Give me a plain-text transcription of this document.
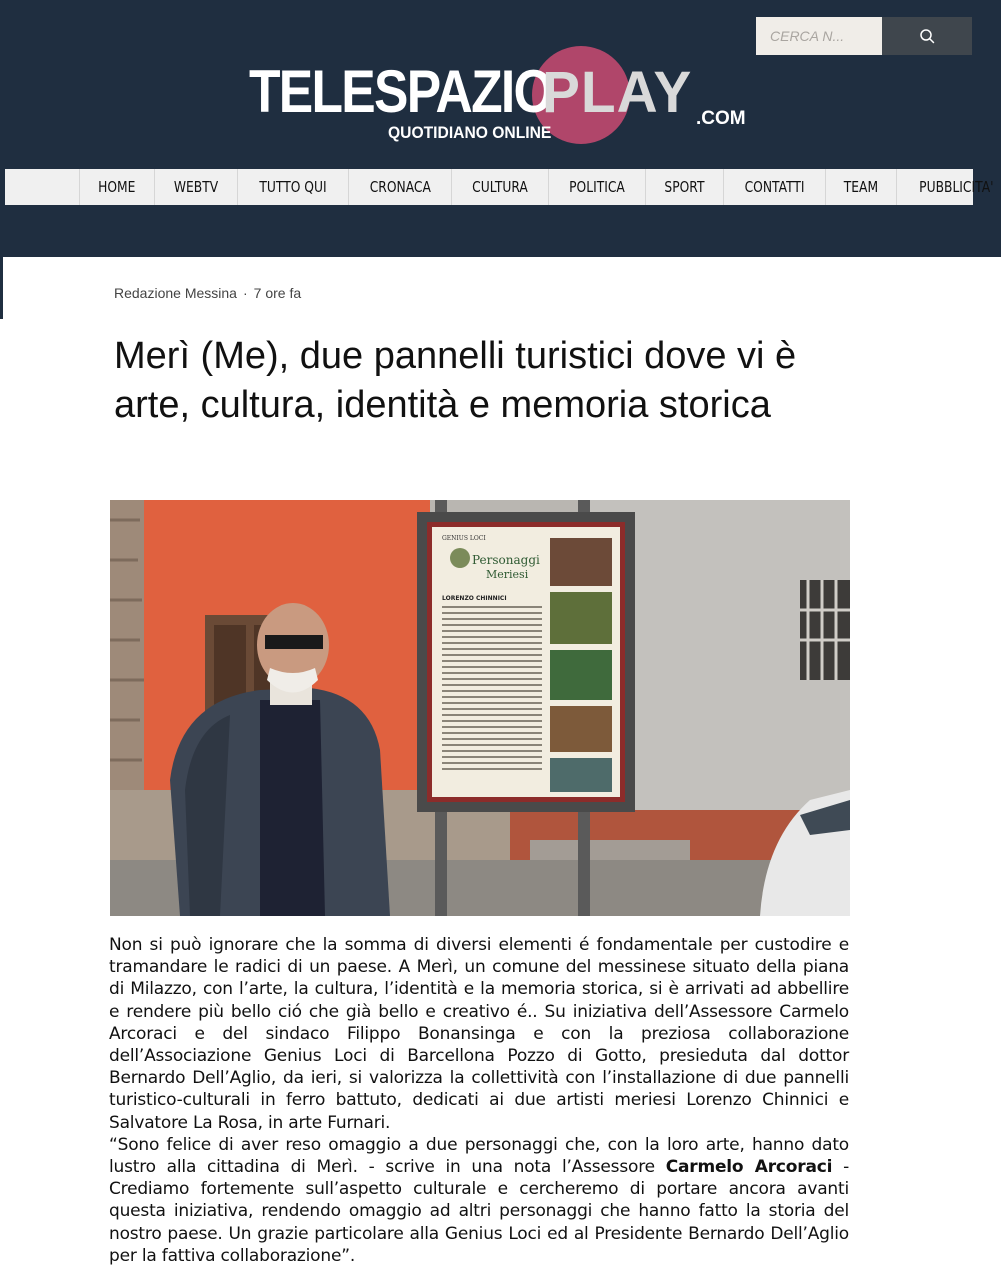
CERCA N...
TELESPAZIO
PLAY
QUOTIDIANO ONLINE
.COM
HOME	WEBTV	TUTTO QUI	CRONACA	CULTURA	POLITICA	SPORT	CONTATTI	TEAM	PUBBLICITA'
Redazione Messina · 7 ore fa
Merì (Me), due pannelli turistici dove vi è arte, cultura, identità e memoria storica
GENIUS LOCI
Personaggi
Meriesi
LORENZO CHINNICI

Non si può ignorare che la somma di diversi elementi é fondamentale per custodire e tramandare le radici di un paese. A Merì, un comune del messinese situato della piana di Milazzo, con l’arte, la cultura, l’identità e la memoria storica, si è arrivati ad abbellire e rendere più bello ció che già bello e creativo é.. Su iniziativa dell’Assessore Carmelo Arcoraci e del sindaco Filippo Bonansinga e con la preziosa collaborazione dell’Associazione Genius Loci di Barcellona Pozzo di Gotto, presieduta dal dottor Bernardo Dell’Aglio, da ieri, si valorizza la collettività con l’installazione di due pannelli turistico-culturali in ferro battuto, dedicati ai due artisti meriesi Lorenzo Chinnici e Salvatore La Rosa, in arte Furnari.

“Sono felice di aver reso omaggio a due personaggi che, con la loro arte, hanno dato lustro alla cittadina di Merì. - scrive in una nota l’Assessore Carmelo Arcoraci - Crediamo fortemente sull’aspetto culturale e cercheremo di portare ancora avanti questa iniziativa, rendendo omaggio ad altri personaggi che hanno fatto la storia del nostro paese. Un grazie particolare alla Genius Loci ed al Presidente Bernardo Dell’Aglio per la fattiva collaborazione”.
